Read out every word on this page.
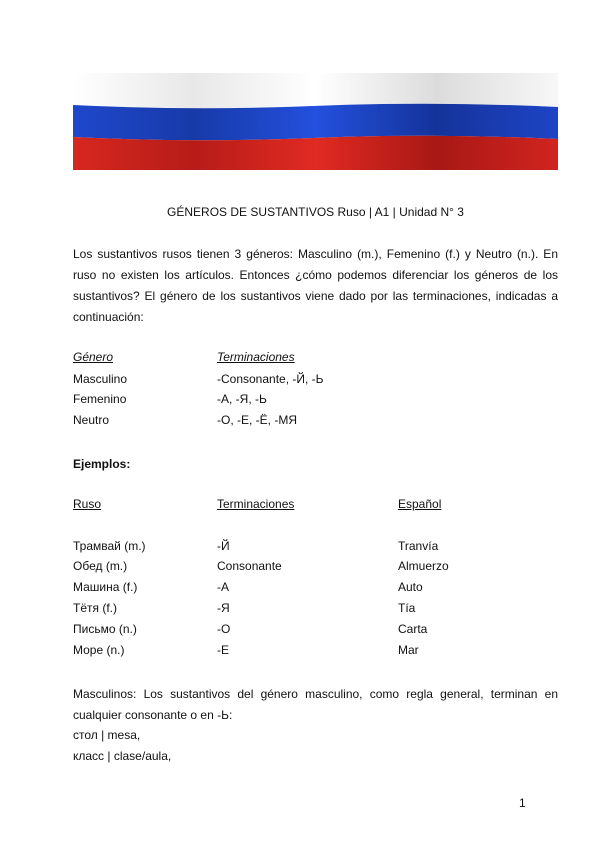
GÉNEROS DE SUSTANTIVOS Ruso | A1 | Unidad N° 3

Los sustantivos rusos tienen 3 géneros: Masculino (m.), Femenino (f.) y Neutro (n.). En ruso no existen los artículos. Entonces ¿cómo podemos diferenciar los géneros de los sustantivos? El género de los sustantivos viene dado por las terminaciones, indicadas a continuación:

Género	Terminaciones
Masculino	-Consonante, -Й, -Ь
Femenino	-А, -Я, -Ь
Neutro	-О, -Е, -Ё, -МЯ
Ejemplos:
Ruso	Terminaciones	Español
Трамвай (m.)	-Й	Tranvía
Обед (m.)	Consonante	Almuerzo
Машина (f.)	-А	Auto
Тётя (f.)	-Я	Tía
Письмо (n.)	-О	Carta
Море (n.)	-Е	Mar

Masculinos: Los sustantivos del género masculino, como regla general, terminan en cualquier consonante o en -Ь:

стол | mesa,
класс | clase/aula,
1
